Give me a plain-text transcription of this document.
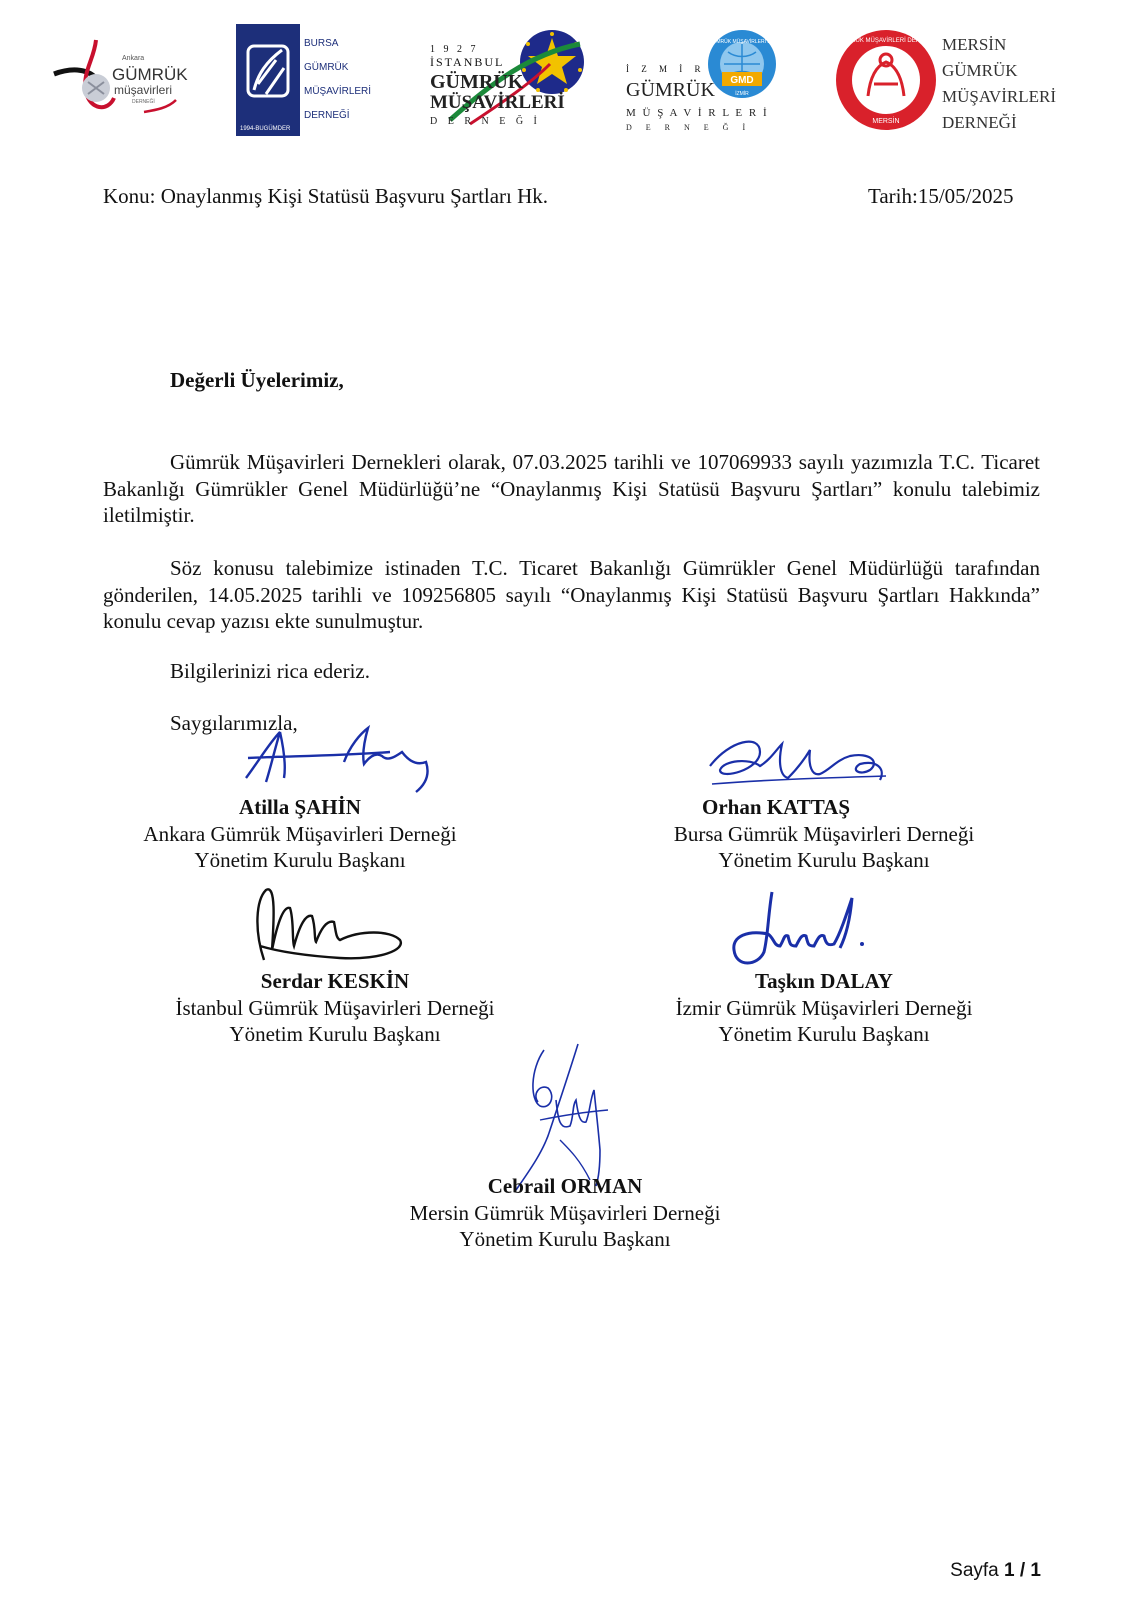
Ankara
GÜMRÜK
müşavirleri
DERNEĞİ
1994-BUGÜMDER
BURSA
GÜMRÜK
MÜŞAVİRLERİ
DERNEĞİ
1 9 2 7
İSTANBUL
GÜMRÜK
MÜŞAVİRLERİ
D E R N E Ğ İ
GMD
İZMİR GÜMRÜK MÜŞAVİRLERİ DERNEĞİ
İZMİR
İ Z M İ R
GÜMRÜK
M Ü Ş A V İ R L E R İ
D E R N E Ğ İ
GÜMRÜK MÜŞAVİRLERİ DERNEĞİ
MERSİN
MERSİN
GÜMRÜK
MÜŞAVİRLERİ
DERNEĞİ
Konu: Onaylanmış Kişi Statüsü Başvuru Şartları Hk.	Tarih:15/05/2025
Değerli Üyelerimiz,

Gümrük Müşavirleri Dernekleri olarak, 07.03.2025 tarihli ve 107069933 sayılı yazımızla T.C. Ticaret Bakanlığı Gümrükler Genel Müdürlüğü’ne “Onaylanmış Kişi Statüsü Başvuru Şartları” konulu talebimiz iletilmiştir.

Söz konusu talebimize istinaden T.C. Ticaret Bakanlığı Gümrükler Genel Müdürlüğü tarafından gönderilen, 14.05.2025 tarihli ve 109256805 sayılı “Onaylanmış Kişi Statüsü Başvuru Şartları Hakkında” konulu cevap yazısı ekte sunulmuştur.

Bilgilerinizi rica ederiz.
Saygılarımızla,
Atilla ŞAHİN
Ankara Gümrük Müşavirleri Derneği
Yönetim Kurulu Başkanı
Orhan KATTAŞ
Bursa Gümrük Müşavirleri Derneği
Yönetim Kurulu Başkanı
Serdar KESKİN
İstanbul Gümrük Müşavirleri Derneği
Yönetim Kurulu Başkanı
Taşkın DALAY
İzmir Gümrük Müşavirleri Derneği
Yönetim Kurulu Başkanı
Cebrail ORMAN
Mersin Gümrük Müşavirleri Derneği
Yönetim Kurulu Başkanı
Sayfa 1 / 1
